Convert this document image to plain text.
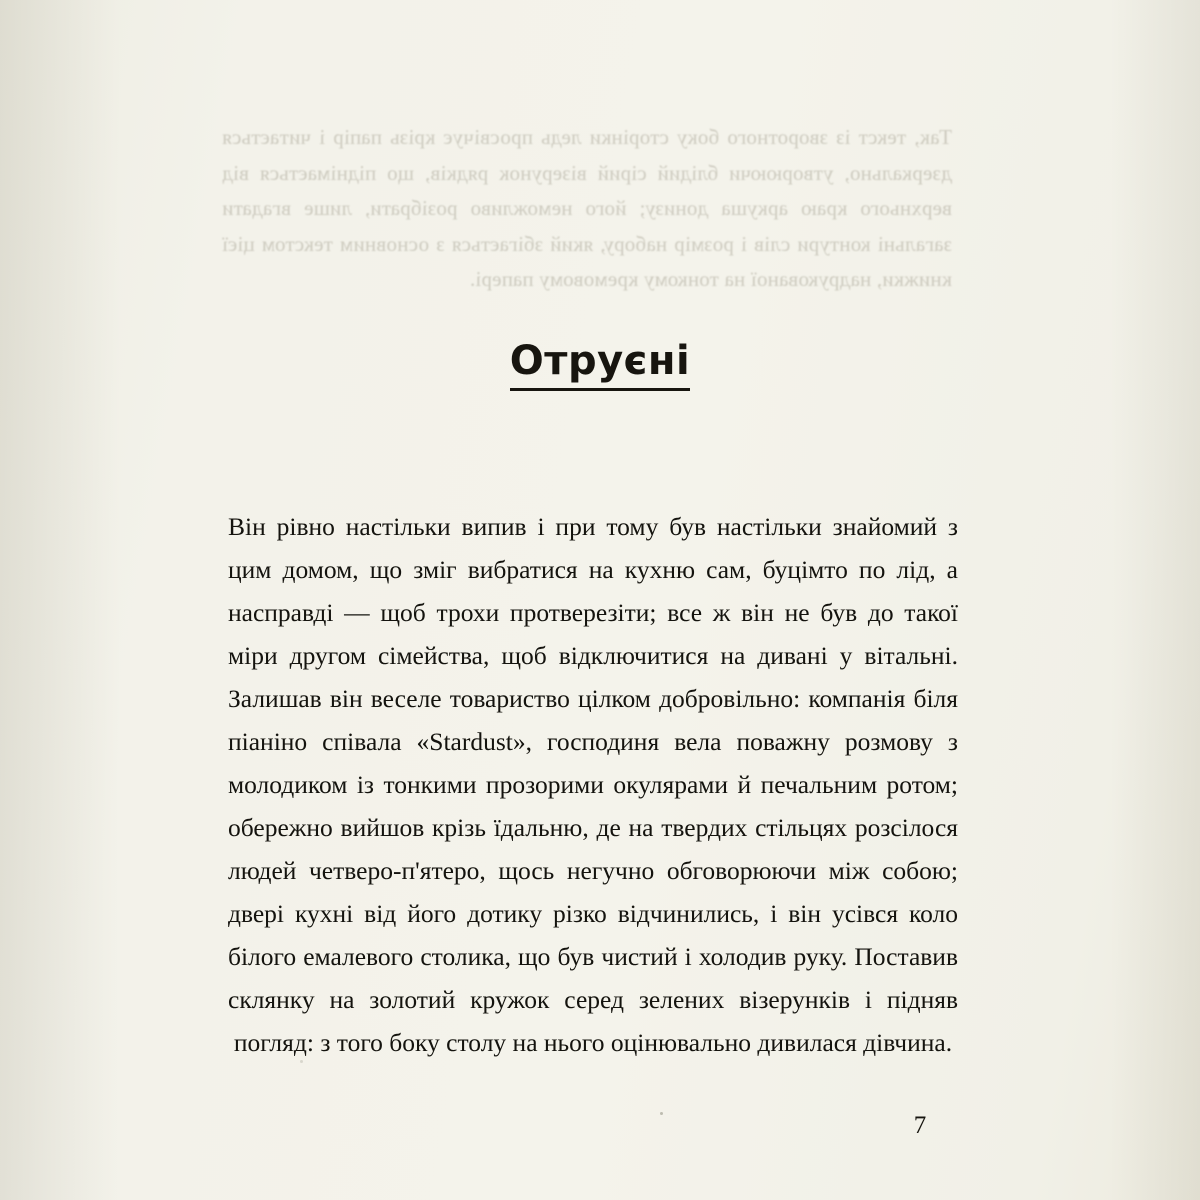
Так, текст із зворотного боку сторінки ледь просвічує крізь папір і читається дзеркально, утворюючи блідий сірий візерунок рядків, що піднімається від верхнього краю аркуша донизу; його неможливо розібрати, лише вгадати загальні контури слів і розмір набору, який збігається з основним текстом цієї книжки, надрукованої на тонкому кремовому папері.
Отруєні
Він рівно настільки випив і при тому був настільки знайомий з цим домом, що зміг вибратися на кухню сам, буцімто по лід, а насправді — щоб трохи протверезіти; все ж він не був до такої міри другом сімейства, щоб відключитися на дивані у вітальні. Залишав він веселе товариство цілком добровільно: компанія біля піаніно співала «Stardust», господиня вела поважну розмову з молодиком із тонкими прозорими окулярами й печальним ротом; обережно вийшов крізь їдальню, де на твердих стільцях розсілося людей четверо-п'ятеро, щось негучно обговорюючи між собою; двері кухні від його дотику різко відчинились, і він усівся коло білого емалевого столика, що був чистий і холодив руку. Поставив склянку на золотий кружок серед зелених візерунків і підняв погляд: з того боку столу на нього оцінювально дивилася дівчина.
7
